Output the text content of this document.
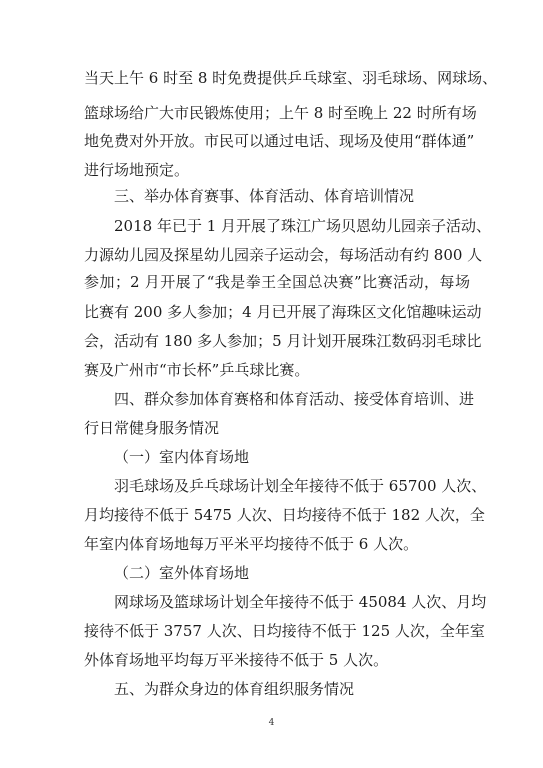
当天上午 6 时至 8 时免费提供乒乓球室、羽毛球场、网球场、

篮球场给广大市民锻炼使用；上午 8 时至晚上 22 时所有场

地免费对外开放。市民可以通过电话、现场及使用“群体通”

进行场地预定。

三、举办体育赛事、体育活动、体育培训情况

2018 年已于 1 月开展了珠江广场贝恩幼儿园亲子活动、

力源幼儿园及探星幼儿园亲子运动会，每场活动有约 800 人

参加；2 月开展了“我是拳王全国总决赛”比赛活动，每场

比赛有 200 多人参加；4 月已开展了海珠区文化馆趣味运动

会，活动有 180 多人参加；5 月计划开展珠江数码羽毛球比

赛及广州市“市长杯”乒乓球比赛。

四、群众参加体育赛格和体育活动、接受体育培训、进

行日常健身服务情况

（一）室内体育场地

羽毛球场及乒乓球场计划全年接待不低于 65700 人次、

月均接待不低于 5475 人次、日均接待不低于 182 人次，全

年室内体育场地每万平米平均接待不低于 6 人次。

（二）室外体育场地

网球场及篮球场计划全年接待不低于 45084 人次、月均

接待不低于 3757 人次、日均接待不低于 125 人次，全年室

外体育场地平均每万平米接待不低于 5 人次。

五、为群众身边的体育组织服务情况

4
